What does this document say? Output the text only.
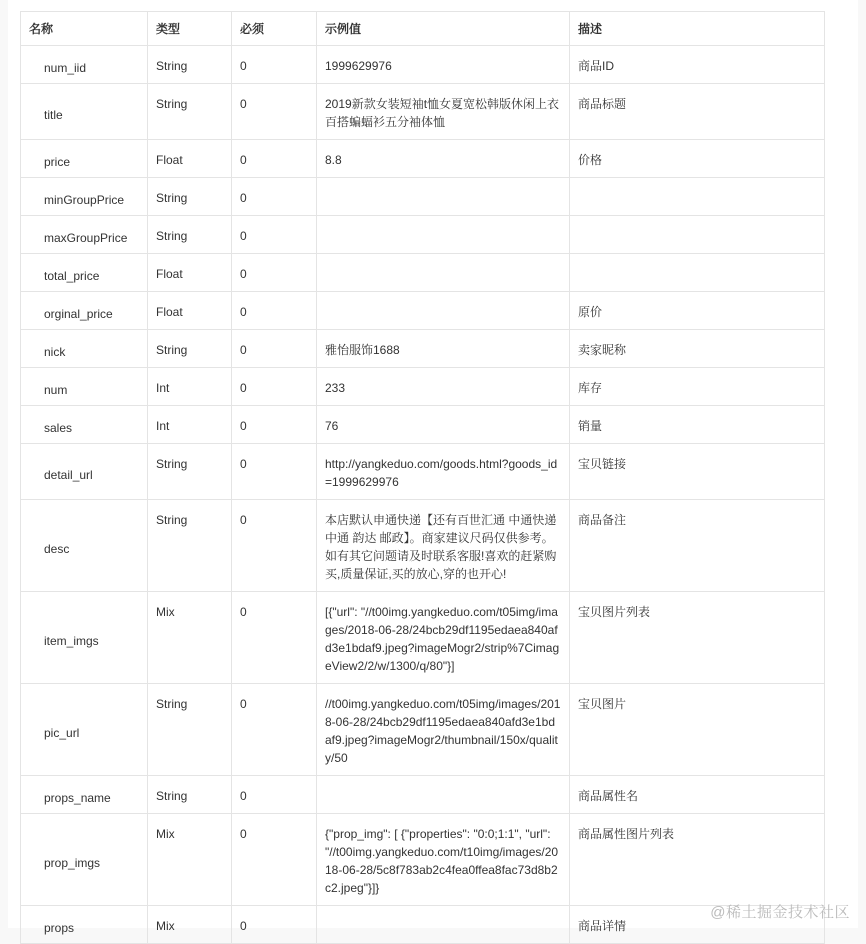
名称	类型	必须	示例值	描述
num_iid	String	0	1999629976	商品ID
title	String	0	2019新款女装短袖t恤女夏宽松韩版休闲上衣百搭蝙蝠衫五分袖体恤	商品标题
price	Float	0	8.8	价格
minGroupPrice	String	0		
maxGroupPrice	String	0		
total_price	Float	0		
orginal_price	Float	0		原价
nick	String	0	雅怡服饰1688	卖家昵称
num	Int	0	233	库存
sales	Int	0	76	销量
detail_url	String	0	http://yangkeduo.com/goods.html?goods_id=1999629976	宝贝链接
desc	String	0	本店默认申通快递【还有百世汇通 中通快递 中通 韵达 邮政】。商家建议尺码仅供参考。如有其它问题请及时联系客服!喜欢的赶紧购买,质量保证,买的放心,穿的也开心!	商品备注
item_imgs	Mix	0	[{"url": "//t00img.yangkeduo.com/t05img/images/2018-06-28/24bcb29df1195edaea840afd3e1bdaf9.jpeg?imageMogr2/strip%7CimageView2/2/w/1300/q/80"}]	宝贝图片列表
pic_url	String	0	//t00img.yangkeduo.com/t05img/images/2018-06-28/24bcb29df1195edaea840afd3e1bdaf9.jpeg?imageMogr2/thumbnail/150x/quality/50	宝贝图片
props_name	String	0		商品属性名
prop_imgs	Mix	0	{"prop_img": [ {"properties": "0:0;1:1", "url": "//t00img.yangkeduo.com/t10img/images/2018-06-28/5c8f783ab2c4fea0ffea8fac73d8b2c2.jpeg"}]}	商品属性图片列表
props	Mix	0		商品详情
@稀土掘金技术社区
